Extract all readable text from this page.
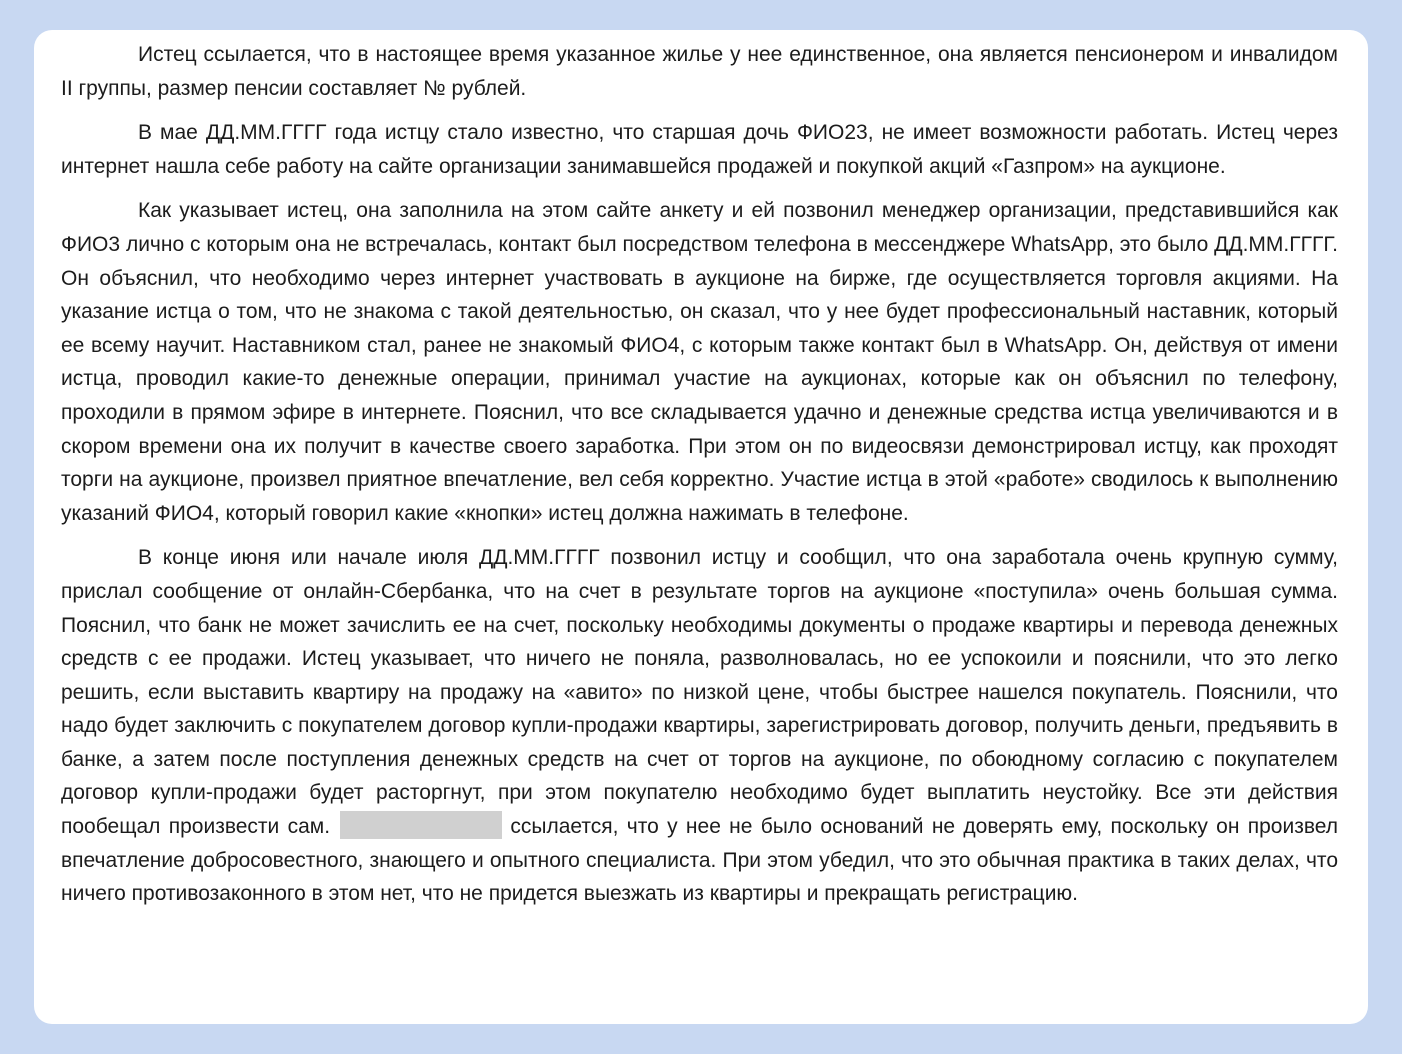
Истец ссылается, что в настоящее время указанное жилье у нее единственное, она является пенсионером и инвалидом II группы, размер пенсии составляет № рублей.

В мае ДД.ММ.ГГГГ года истцу стало известно, что старшая дочь ФИО23, не имеет возможности работать. Истец через интернет нашла себе работу на сайте организации занимавшейся продажей и покупкой акций «Газпром» на аукционе.

Как указывает истец, она заполнила на этом сайте анкету и ей позвонил менеджер организации, представившийся как ФИО3 лично с которым она не встречалась, контакт был посредством телефона в мессенджере WhatsApp, это было ДД.ММ.ГГГГ. Он объяснил, что необходимо через интернет участвовать в аукционе на бирже, где осуществляется торговля акциями. На указание истца о том, что не знакома с такой деятельностью, он сказал, что у нее будет профессиональный наставник, который ее всему научит. Наставником стал, ранее не знакомый ФИО4, с которым также контакт был в WhatsApp. Он, действуя от имени истца, проводил какие-то денежные операции, принимал участие на аукционах, которые как он объяснил по телефону, проходили в прямом эфире в интернете. Пояснил, что все складывается удачно и денежные средства истца увеличиваются и в скором времени она их получит в качестве своего заработка. При этом он по видеосвязи демонстрировал истцу, как проходят торги на аукционе, произвел приятное впечатление, вел себя корректно. Участие истца в этой «работе» сводилось к выполнению указаний ФИО4, который говорил какие «кнопки» истец должна нажимать в телефоне.

В конце июня или начале июля ДД.ММ.ГГГГ позвонил истцу и сообщил, что она заработала очень крупную сумму, прислал сообщение от онлайн-Сбербанка, что на счет в результате торгов на аукционе «поступила» очень большая сумма. Пояснил, что банк не может зачислить ее на счет, поскольку необходимы документы о продаже квартиры и перевода денежных средств с ее продажи. Истец указывает, что ничего не поняла, разволновалась, но ее успокоили и пояснили, что это легко решить, если выставить квартиру на продажу на «авито» по низкой цене, чтобы быстрее нашелся покупатель. Пояснили, что надо будет заключить с покупателем договор купли-продажи квартиры, зарегистрировать договор, получить деньги, предъявить в банке, а затем после поступления денежных средств на счет от торгов на аукционе, по обоюдному согласию с покупателем договор купли-продажи будет расторгнут, при этом покупателю необходимо будет выплатить неустойку. Все эти действия пообещал произвести сам.	ссылается, что у нее не было оснований не доверять ему, поскольку он произвел впечатление добросовестного, знающего и опытного специалиста. При этом убедил, что это обычная практика в таких делах, что ничего противозаконного в этом нет, что не придется выезжать из квартиры и прекращать регистрацию.
